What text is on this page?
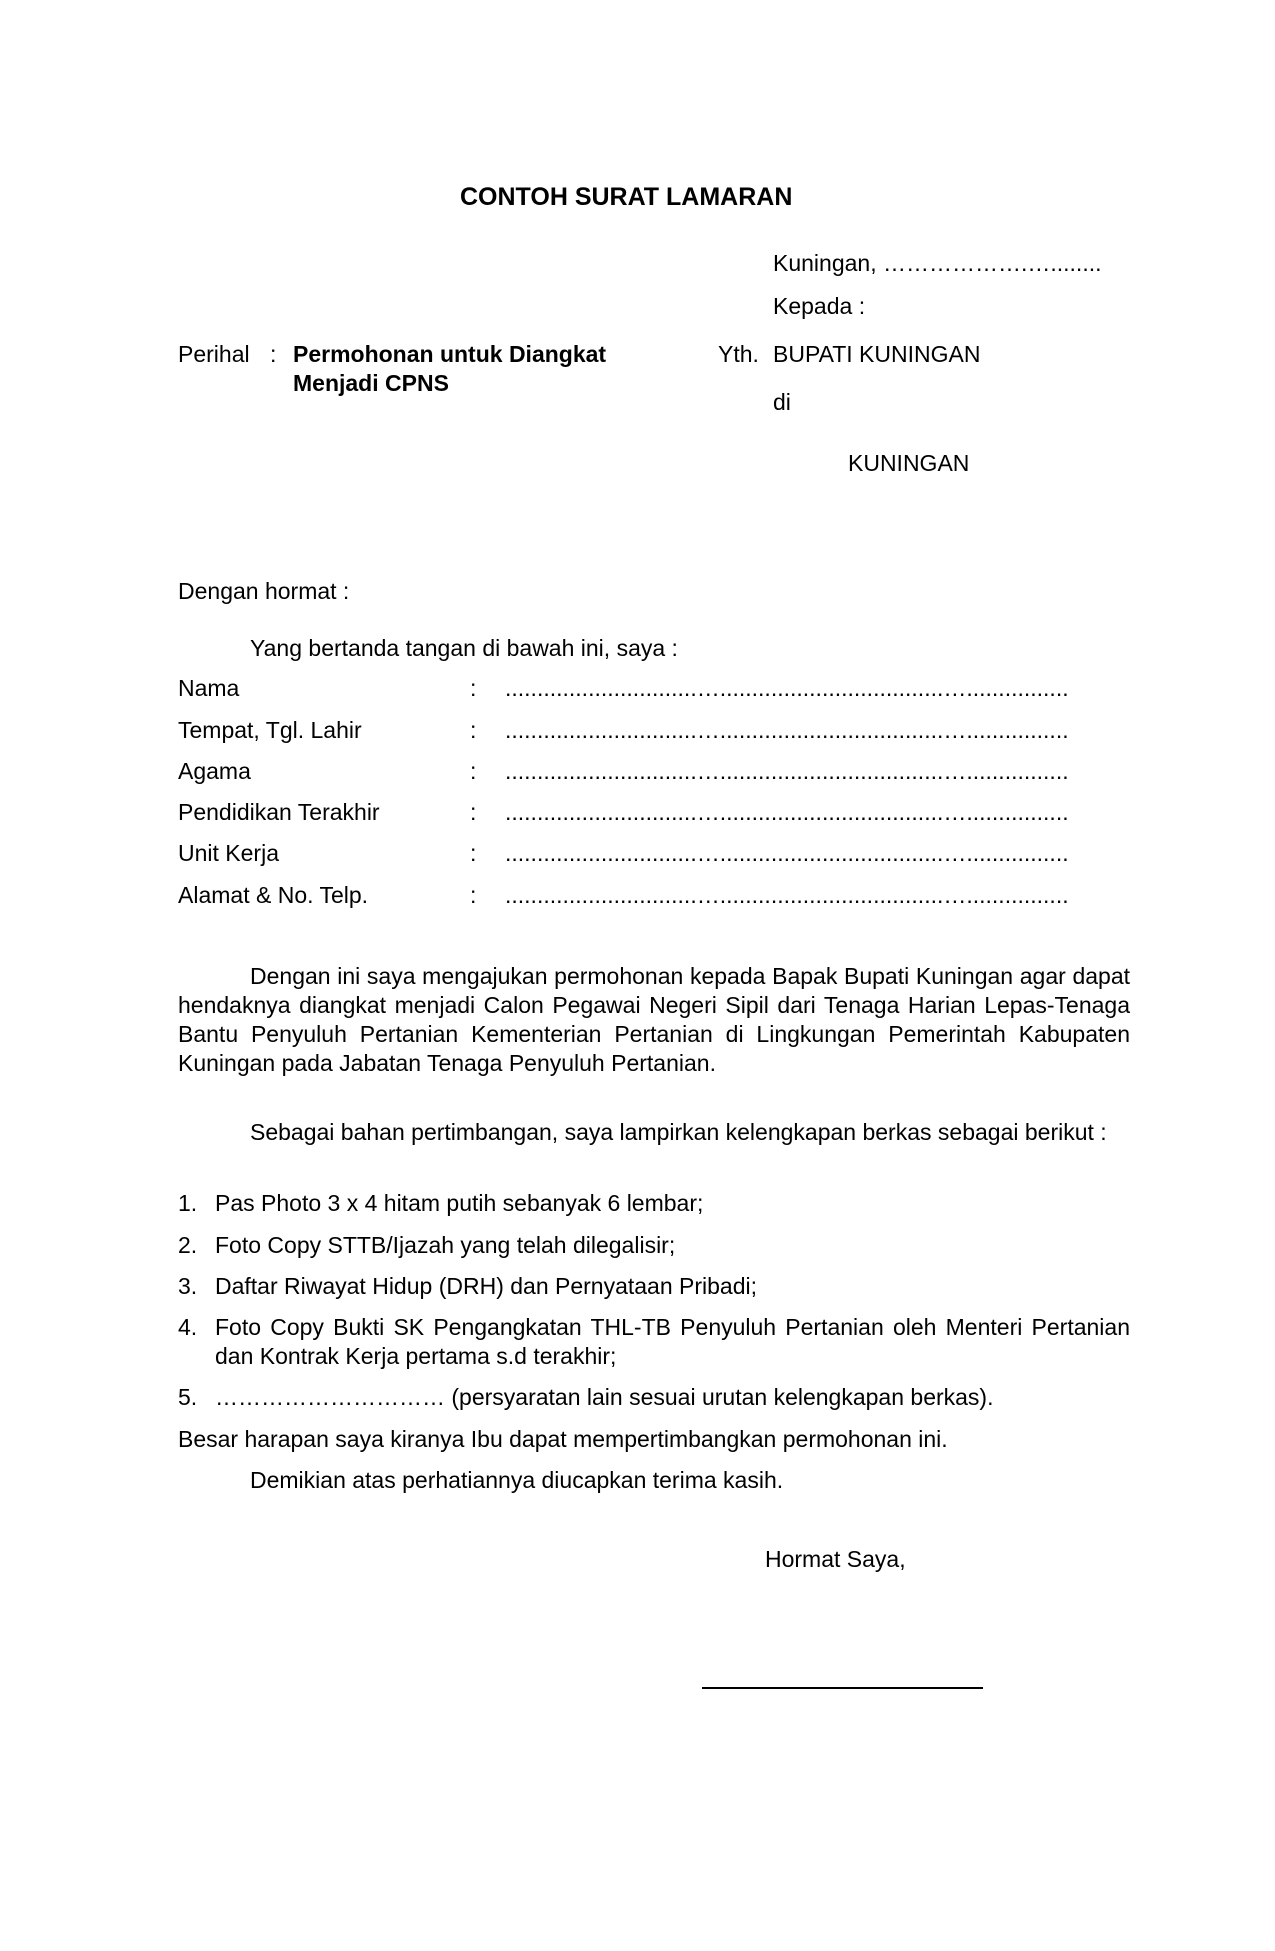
CONTOH SURAT LAMARAN
Kuningan, ……………….…........
Kepada :
Perihal : Permohonan untuk Diangkat
Menjadi CPNS
Yth. BUPATI KUNINGAN
di
KUNINGAN
Dengan hormat :
Yang bertanda tangan di bawah ini, saya :
Nama	: ..............................…...................................…................
Tempat, Tgl. Lahir	: ..............................…...................................…................
Agama	: ..............................…...................................…................
Pendidikan Terakhir	: ..............................…...................................…................
Unit Kerja	: ..............................…...................................…................
Alamat & No. Telp.	: ..............................…...................................…................
Dengan ini saya mengajukan permohonan kepada Bapak Bupati Kuningan agar dapat hendaknya diangkat menjadi Calon Pegawai Negeri Sipil dari Tenaga Harian Lepas-Tenaga Bantu Penyuluh Pertanian Kementerian Pertanian di Lingkungan Pemerintah Kabupaten Kuningan pada Jabatan Tenaga Penyuluh Pertanian.
Sebagai bahan pertimbangan, saya lampirkan kelengkapan berkas sebagai berikut :
1. Pas Photo 3 x 4 hitam putih sebanyak 6 lembar;
2. Foto Copy STTB/Ijazah yang telah dilegalisir;
3. Daftar Riwayat Hidup (DRH) dan Pernyataan Pribadi;
4. Foto Copy Bukti SK Pengangkatan THL-TB Penyuluh Pertanian oleh Menteri Pertanian dan Kontrak Kerja pertama s.d terakhir;
5. ………………………… (persyaratan lain sesuai urutan kelengkapan berkas).
Besar harapan saya kiranya Ibu dapat mempertimbangkan permohonan ini.
Demikian atas perhatiannya diucapkan terima kasih.
Hormat Saya,
